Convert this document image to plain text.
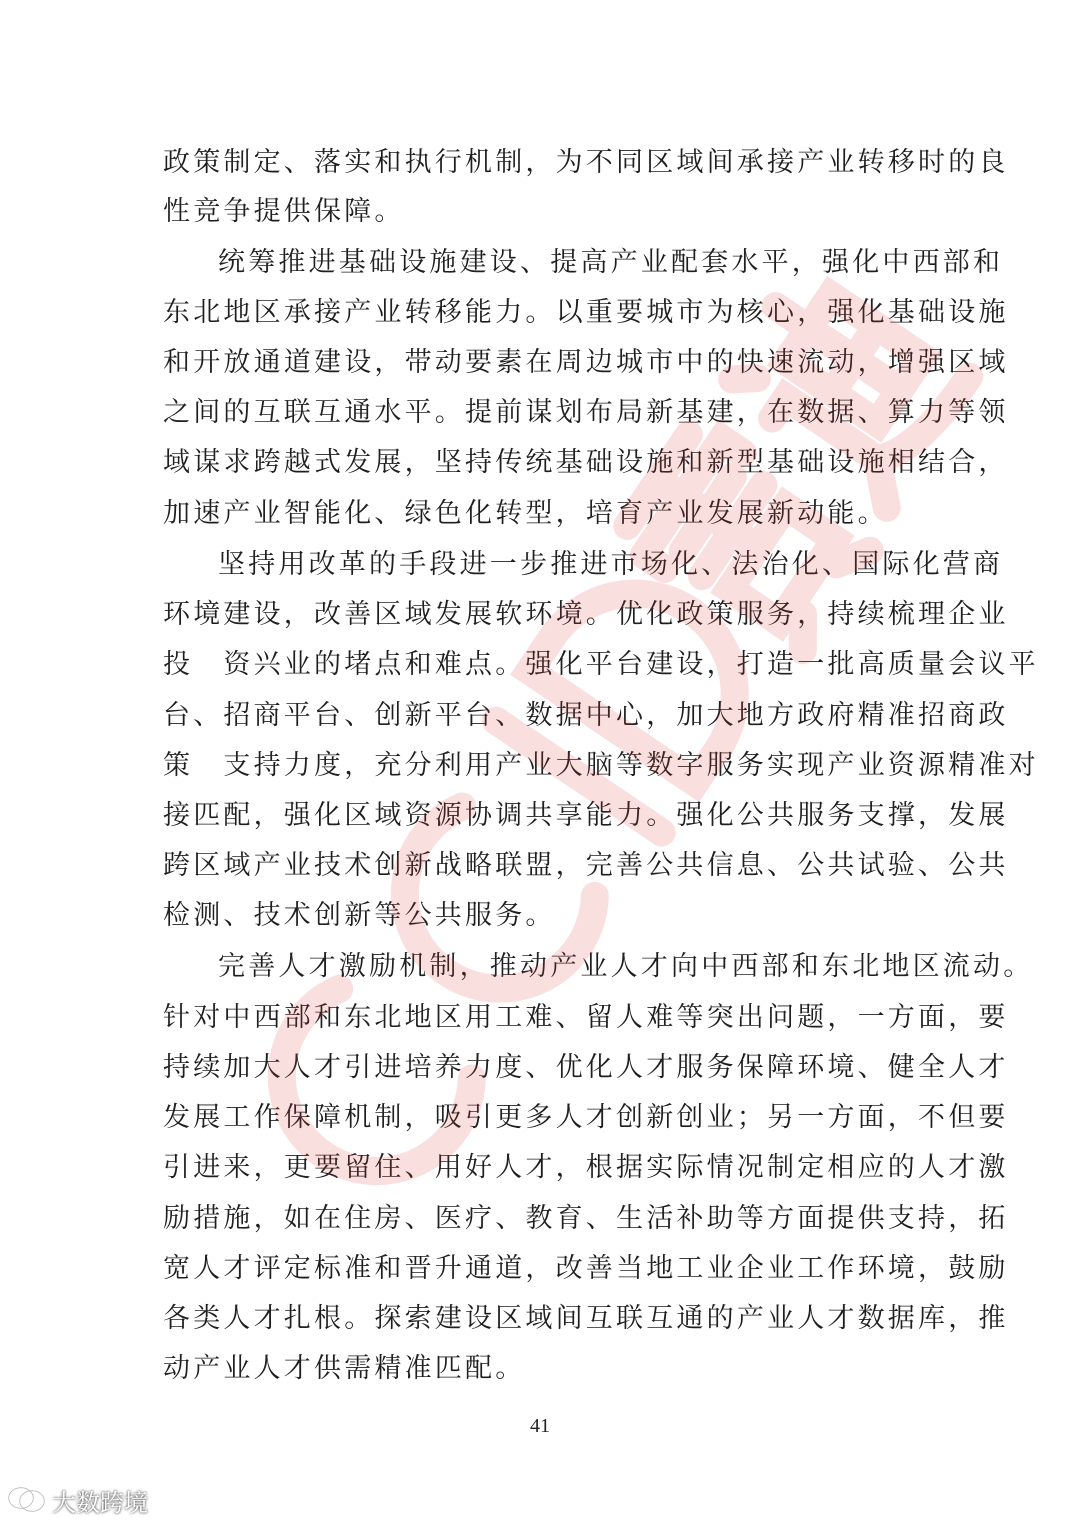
政策制定、落实和执行机制，为不同区域间承接产业转移时的良
性竞争提供保障。
统筹推进基础设施建设、提高产业配套水平，强化中西部和
东北地区承接产业转移能力。以重要城市为核心，强化基础设施
和开放通道建设，带动要素在周边城市中的快速流动，增强区域
之间的互联互通水平。提前谋划布局新基建，在数据、算力等领
域谋求跨越式发展，坚持传统基础设施和新型基础设施相结合，
加速产业智能化、绿色化转型，培育产业发展新动能。
坚持用改革的手段进一步推进市场化、法治化、国际化营商
环境建设，改善区域发展软环境。优化政策服务，持续梳理企业
投　资兴业的堵点和难点。强化平台建设，打造一批高质量会议平
台、招商平台、创新平台、数据中心，加大地方政府精准招商政
策　支持力度，充分利用产业大脑等数字服务实现产业资源精准对
接匹配，强化区域资源协调共享能力。强化公共服务支撑，发展
跨区域产业技术创新战略联盟，完善公共信息、公共试验、公共
检测、技术创新等公共服务。
完善人才激励机制，推动产业人才向中西部和东北地区流动。
针对中西部和东北地区用工难、留人难等突出问题，一方面，要
持续加大人才引进培养力度、优化人才服务保障环境、健全人才
发展工作保障机制，吸引更多人才创新创业；另一方面，不但要
引进来，更要留住、用好人才，根据实际情况制定相应的人才激
励措施，如在住房、医疗、教育、生活补助等方面提供支持，拓
宽人才评定标准和晋升通道，改善当地工业企业工作环境，鼓励
各类人才扎根。探索建设区域间互联互通的产业人才数据库，推
动产业人才供需精准匹配。
41
大数跨境
